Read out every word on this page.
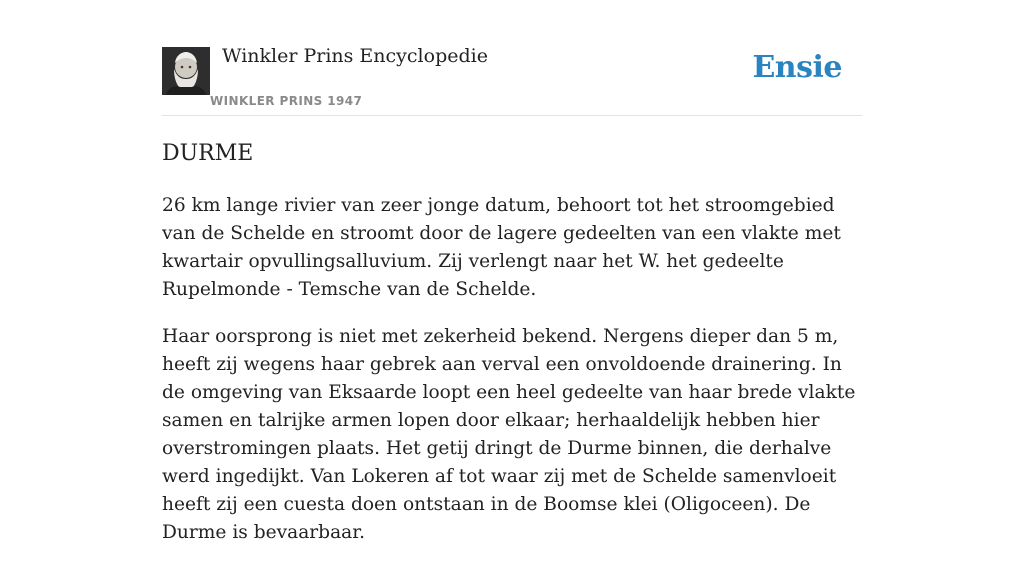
Winkler Prins Encyclopedie
WINKLER PRINS 1947
Ensie
DURME

26 km lange rivier van zeer jonge datum, behoort tot het stroomgebied van de Schelde en stroomt door de lagere gedeelten van een vlakte met kwartair opvullingsalluvium. Zij verlengt naar het W. het gedeelte Rupelmonde - Temsche van de Schelde.

Haar oorsprong is niet met zekerheid bekend. Nergens dieper dan 5 m, heeft zij wegens haar gebrek aan verval een onvoldoende drainering. In de omgeving van Eksaarde loopt een heel gedeelte van haar brede vlakte samen en talrijke armen lopen door elkaar; herhaaldelijk hebben hier overstromingen plaats. Het getij dringt de Durme binnen, die derhalve werd ingedijkt. Van Lokeren af tot waar zij met de Schelde samenvloeit heeft zij een cuesta doen ontstaan in de Boomse klei (Oligoceen). De Durme is bevaarbaar.
